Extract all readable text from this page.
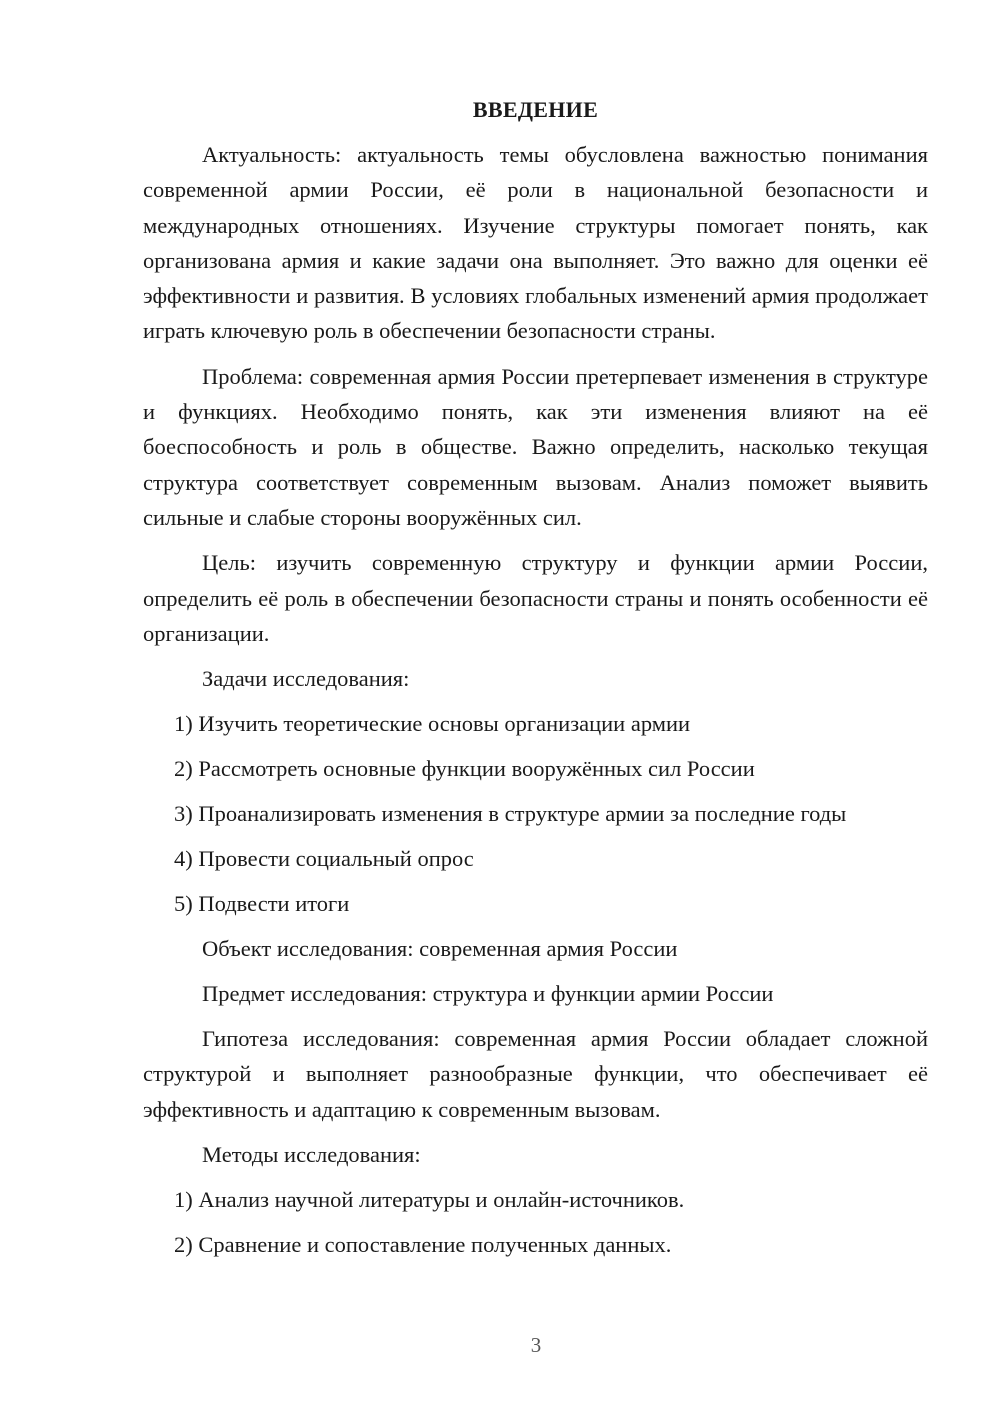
ВВЕДЕНИЕ

Актуальность: актуальность темы обусловлена важностью понимания современной армии России, её роли в национальной безопасности и международных отношениях. Изучение структуры помогает понять, как организована армия и какие задачи она выполняет. Это важно для оценки её эффективности и развития. В условиях глобальных изменений армия продолжает играть ключевую роль в обеспечении безопасности страны.

Проблема: современная армия России претерпевает изменения в структуре и функциях. Необходимо понять, как эти изменения влияют на её боеспособность и роль в обществе. Важно определить, насколько текущая структура соответствует современным вызовам. Анализ поможет выявить сильные и слабые стороны вооружённых сил.

Цель: изучить современную структуру и функции армии России, определить её роль в обеспечении безопасности страны и понять особенности её организации.

Задачи исследования:
1) Изучить теоретические основы организации армии
2) Рассмотреть основные функции вооружённых сил России
3) Проанализировать изменения в структуре армии за последние годы
4) Провести социальный опрос
5) Подвести итоги
Объект исследования: современная армия России
Предмет исследования: структура и функции армии России

Гипотеза исследования: современная армия России обладает сложной структурой и выполняет разнообразные функции, что обеспечивает её эффективность и адаптацию к современным вызовам.

Методы исследования:
1) Анализ научной литературы и онлайн-источников.
2) Сравнение и сопоставление полученных данных.
3
